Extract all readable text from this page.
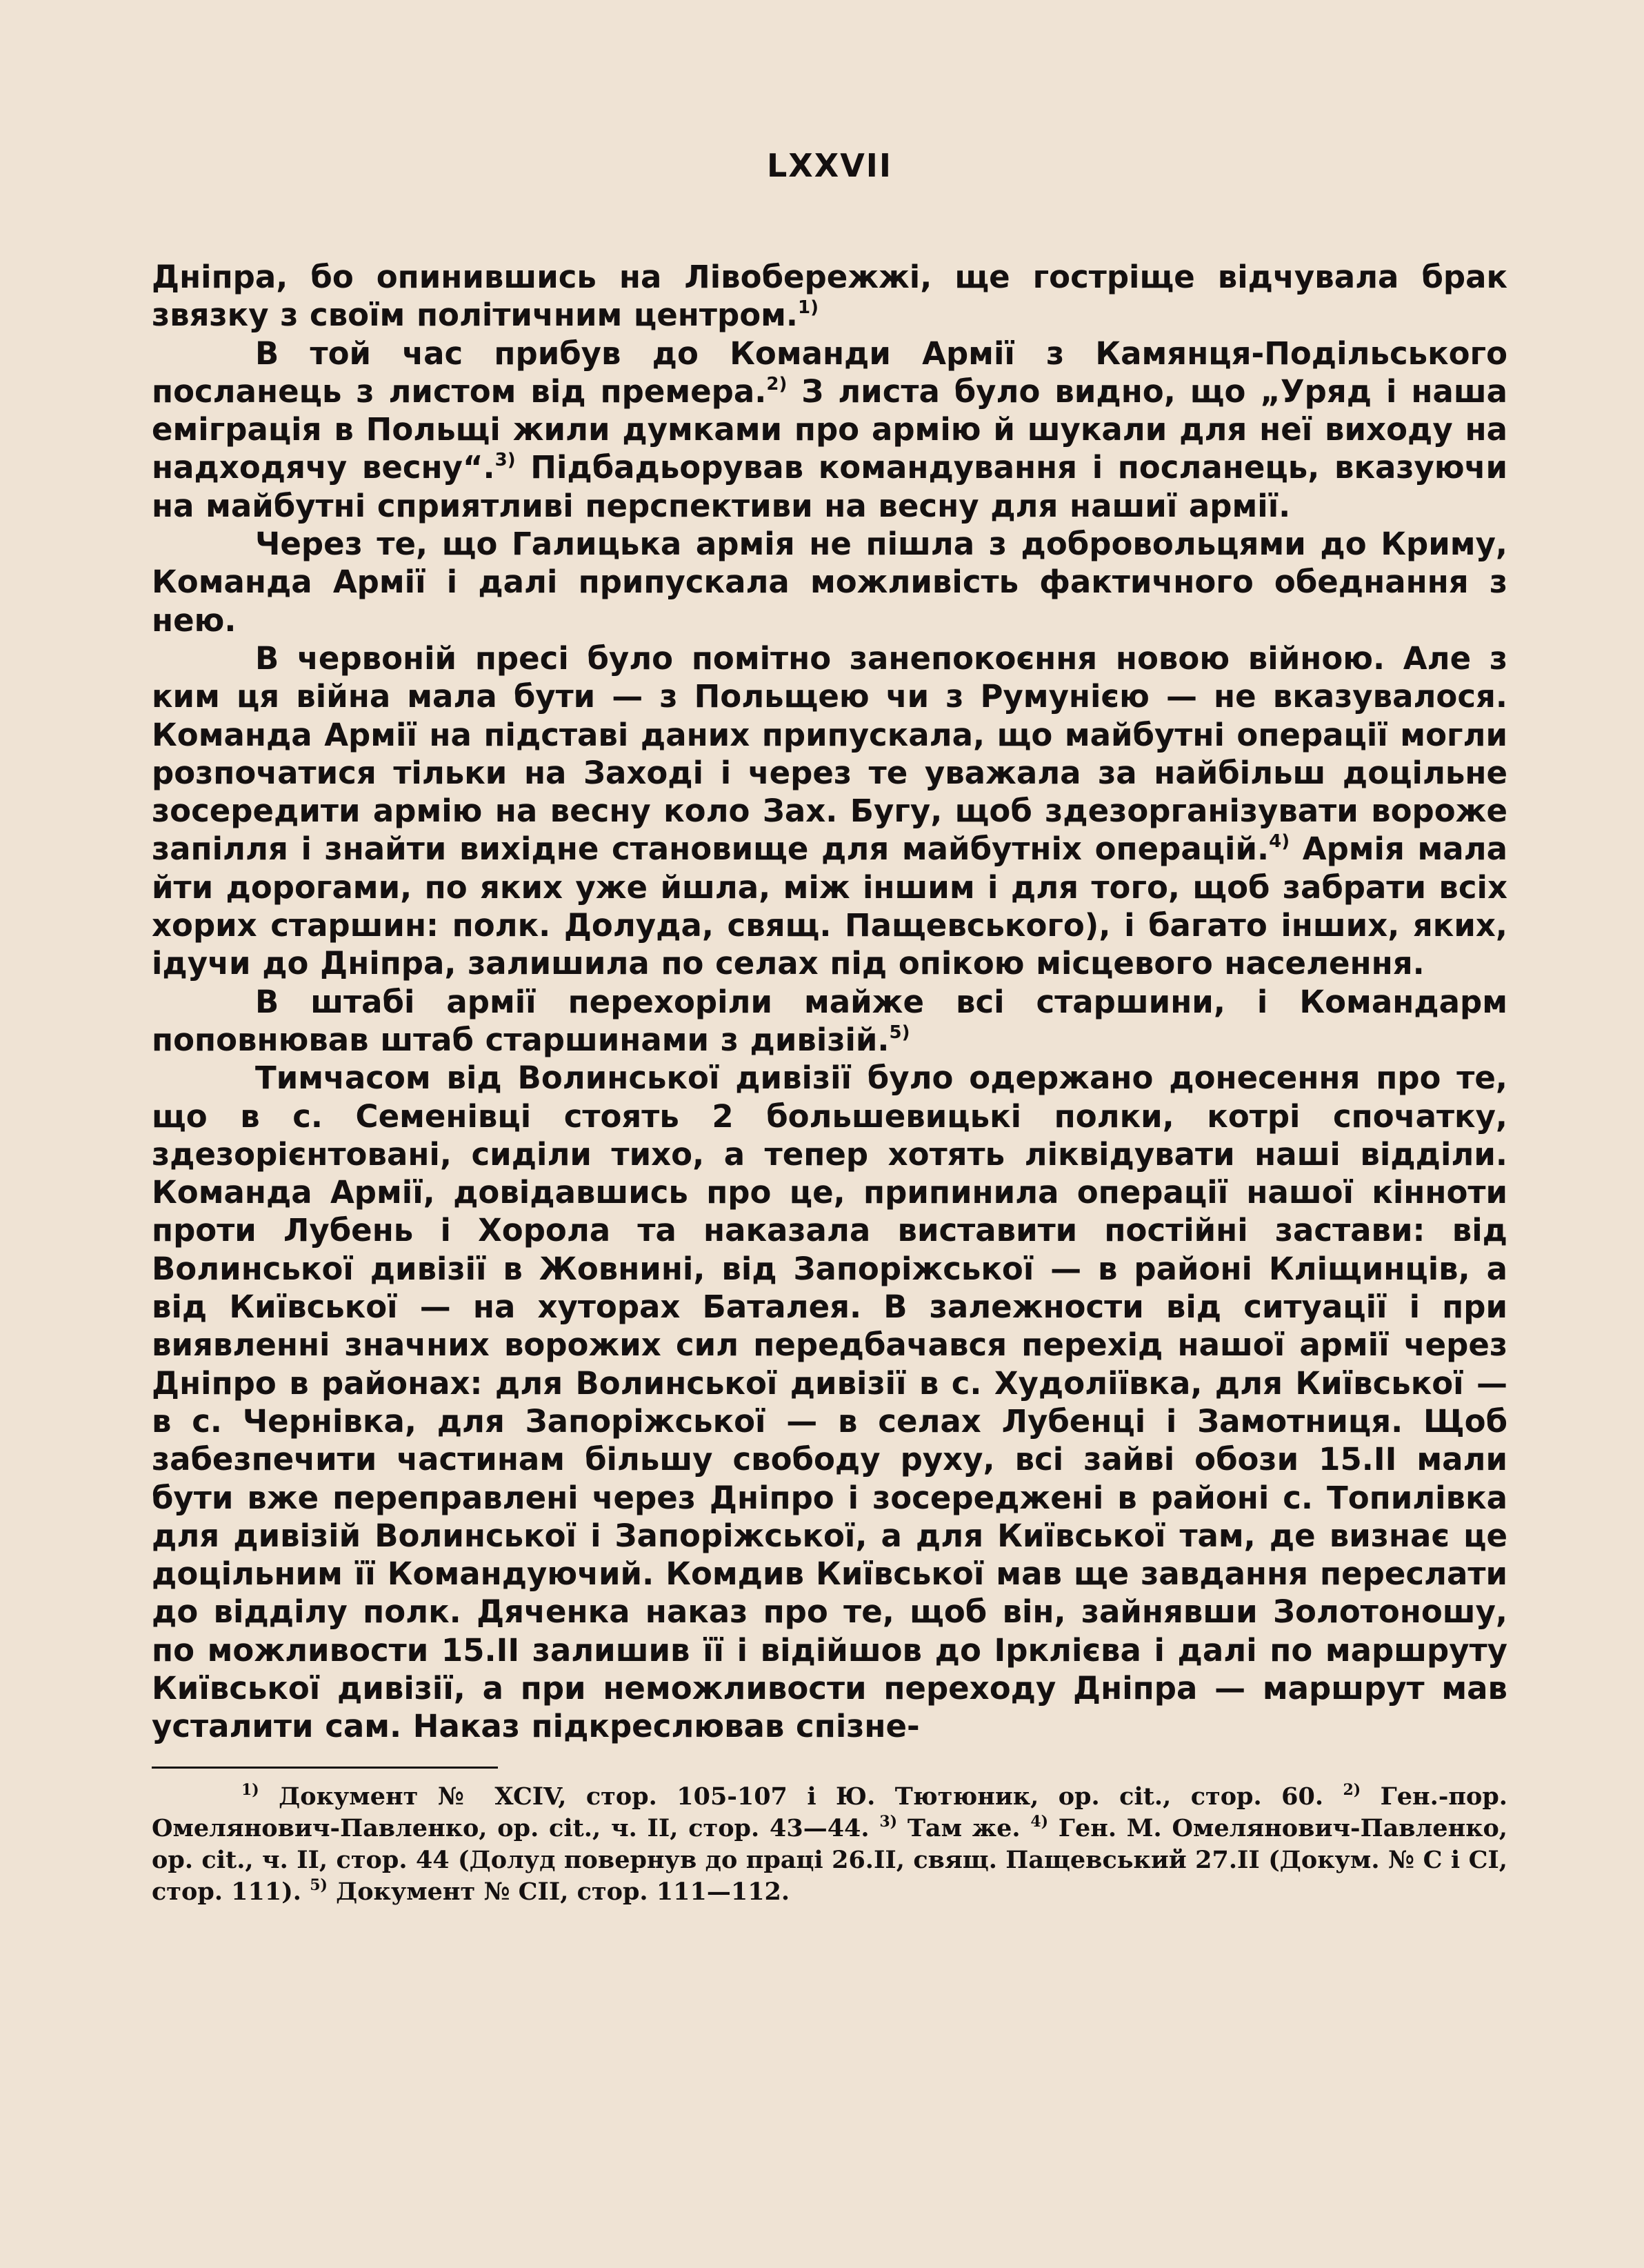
LXXVII

Дніпра, бо опинившись на Лівобережжі, ще гостріще відчувала брак звязку з своїм політичним центром.$^{1)}$

В той час прибув до Команди Армії з Камянця-Подільського посланець з листом від премера.$^{2)}$ З листа було видно, що „Уряд і наша еміграція в Польщі жили думками про армію й шукали для неї виходу на надходячу весну“.$^{3)}$ Підбадьорував командування і посланець, вказуючи на майбутні сприятливі перспективи на весну для нашиї армії.

Через те, що Галицька армія не пішла з добровольцями до Криму, Команда Армії і далі припускала можливість фактичного обеднання з нею.

В червоній пресі було помітно занепокоєння новою війною. Але з ким ця війна мала бути — з Польщею чи з Румунією — не вказувалося. Команда Армії на підставі даних припускала, що майбутні операції могли розпочатися тільки на Заході і через те уважала за найбільш доцільне зосередити армію на весну коло Зах. Бугу, щоб здезорганізувати вороже запілля і знайти вихідне становище для майбутніх операцій.$^{4)}$ Армія мала йти дорогами, по яких уже йшла, між іншим і для того, щоб забрати всіх хорих старшин: полк. Долуда, свящ. Пащевського), і багато інших, яких, ідучи до Дніпра, залишила по селах під опікою місцевого населення.

В штабі армії перехоріли майже всі старшини, і Командарм поповнював штаб старшинами з дивізій.$^{5)}$

Тимчасом від Волинської дивізії було одержано донесення про те, що в с. Семенівці стоять 2 большевицькі полки, котрі спочатку, здезорієнтовані, сиділи тихо, а тепер хотять ліквідувати наші відділи. Команда Армії, довідавшись про це, припинила операції нашої кінноти проти Лубень і Хорола та наказала виставити постійні застави: від Волинської дивізії в Жовнині, від Запоріжської — в районі Кліщинців, а від Київської — на хуторах Баталея. В залежности від ситуації і при виявленні значних ворожих сил передбачався перехід нашої армії через Дніпро в районах: для Волинської дивізії в с. Худоліївка, для Київської — в с. Чернівка, для Запоріжської — в селах Лубенці і Замотниця. Щоб забезпечити частинам більшу свободу руху, всі зайві обози 15.II мали бути вже переправлені через Дніпро і зосереджені в районі с. Топилівка для дивізій Волинської і Запоріжської, а для Київської там, де визнає це доцільним її Командуючий. Комдив Київської мав ще завдання переслати до відділу полк. Дяченка наказ про те, щоб він, зайнявши Золотоношу, по можливости 15.II залишив її і відійшов до Ірклієва і далі по маршруту Київської дивізії, а при неможливости переходу Дніпра — маршрут мав усталити сам. Наказ підкреслював спізне-

$^{1)}$ Документ № XCIV, стор. 105-107 і Ю. Тютюник, op. cit., стор. 60. $^{2)}$ Ген.-пор. Омелянович-Павленко, op. cit., ч. II, стор. 43—44. $^{3)}$ Там же. $^{4)}$ Ген. М. Омелянович-Павленко, op. cit., ч. II, стор. 44 (Долуд повернув до праці 26.II, свящ. Пащевський 27.II (Докум. № С і СІ, стор. 111). $^{5)}$ Документ № СІІ, стор. 111—112.
